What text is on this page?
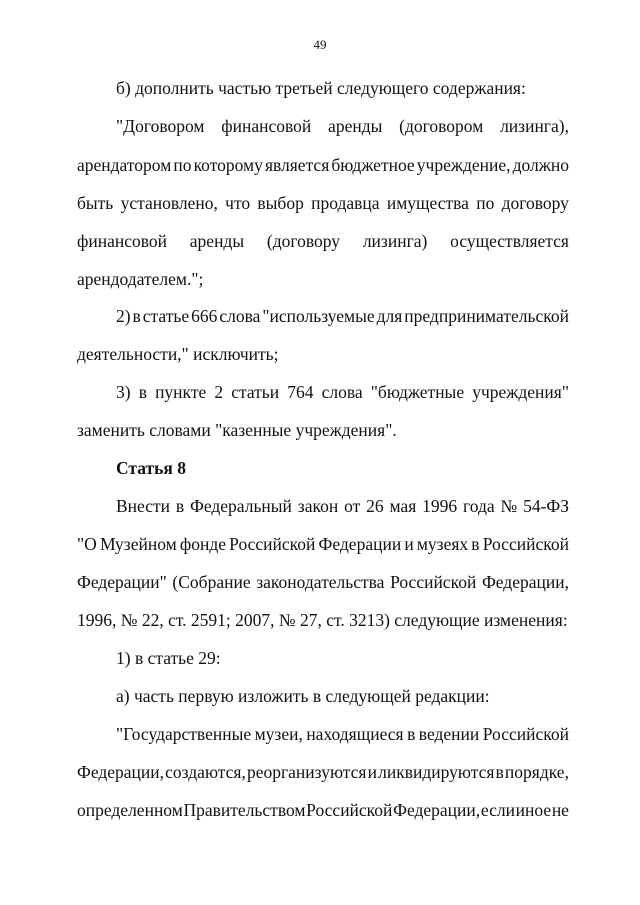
49
б) дополнить частью третьей следующего содержания:
"Договором финансовой аренды (договором лизинга),
арендатором по которому является бюджетное учреждение, должно
быть установлено, что выбор продавца имущества по договору
финансовой аренды (договору лизинга) осуществляется
арендодателем.";
2) в статье 666 слова "используемые для предпринимательской
деятельности," исключить;
3) в пункте 2 статьи 764 слова "бюджетные учреждения"
заменить словами "казенные учреждения".
Статья 8
Внести в Федеральный закон от 26 мая 1996 года № 54-ФЗ
"О Музейном фонде Российской Федерации и музеях в Российской
Федерации" (Собрание законодательства Российской Федерации,
1996, № 22, ст. 2591; 2007, № 27, ст. 3213) следующие изменения:
1) в статье 29:
а) часть первую изложить в следующей редакции:
"Государственные музеи, находящиеся в ведении Российской
Федерации, создаются, реорганизуются и ликвидируются в порядке,
определенном Правительством Российской Федерации, если иное не
